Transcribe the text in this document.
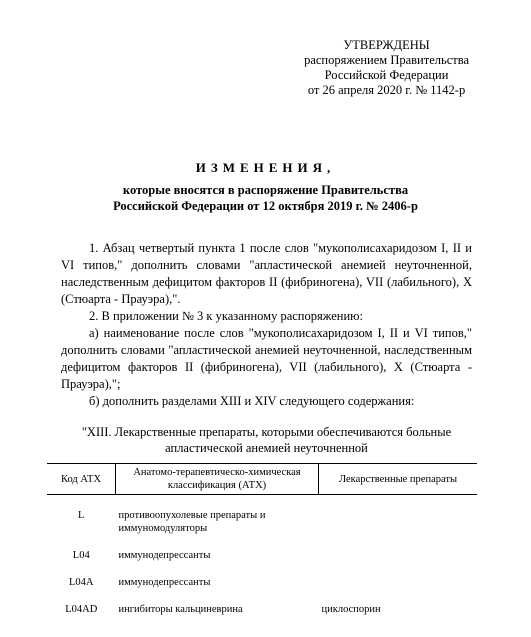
УТВЕРЖДЕНЫ
распоряжением Правительства
Российской Федерации
от 26 апреля 2020 г. № 1142-р
ИЗМЕНЕНИЯ,
которые вносятся в распоряжение Правительства
Российской Федерации от 12 октября 2019 г. № 2406-р

1. Абзац четвертый пункта 1 после слов "мукополисахаридозом I, II и VI типов," дополнить словами "апластической анемией неуточненной, наследственным дефицитом факторов II (фибриногена), VII (лабильного), X (Стюарта - Прауэра),".

2. В приложении № 3 к указанному распоряжению:

а) наименование после слов "мукополисахаридозом I, II и VI типов," дополнить словами "апластической анемией неуточненной, наследственным дефицитом факторов II (фибриногена), VII (лабильного), X (Стюарта - Прауэра),";

б) дополнить разделами XIII и XIV следующего содержания:

"XIII. Лекарственные препараты, которыми обеспечиваются больные
апластической анемией неуточненной
Код АТХ	Анатомо-терапевтическо-химическая классификация (АТХ)	Лекарственные препараты
L	противоопухолевые препараты и иммуномодуляторы	
L04	иммунодепрессанты	
L04A	иммунодепрессанты	
L04AD	ингибиторы кальциневрина	циклоспорин
